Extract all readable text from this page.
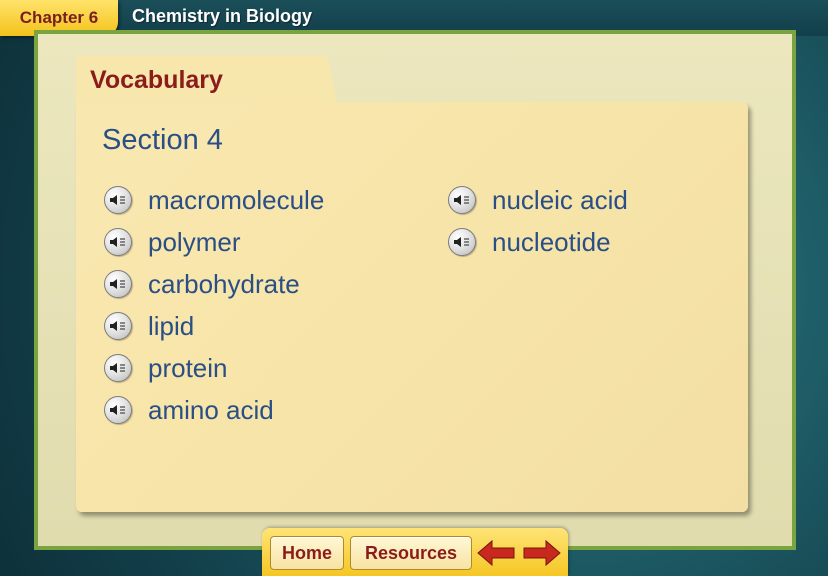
Chapter 6 Chemistry in Biology
Vocabulary
Section 4
macromolecule
polymer
carbohydrate
lipid
protein
amino acid
nucleic acid
nucleotide
Home Resources
